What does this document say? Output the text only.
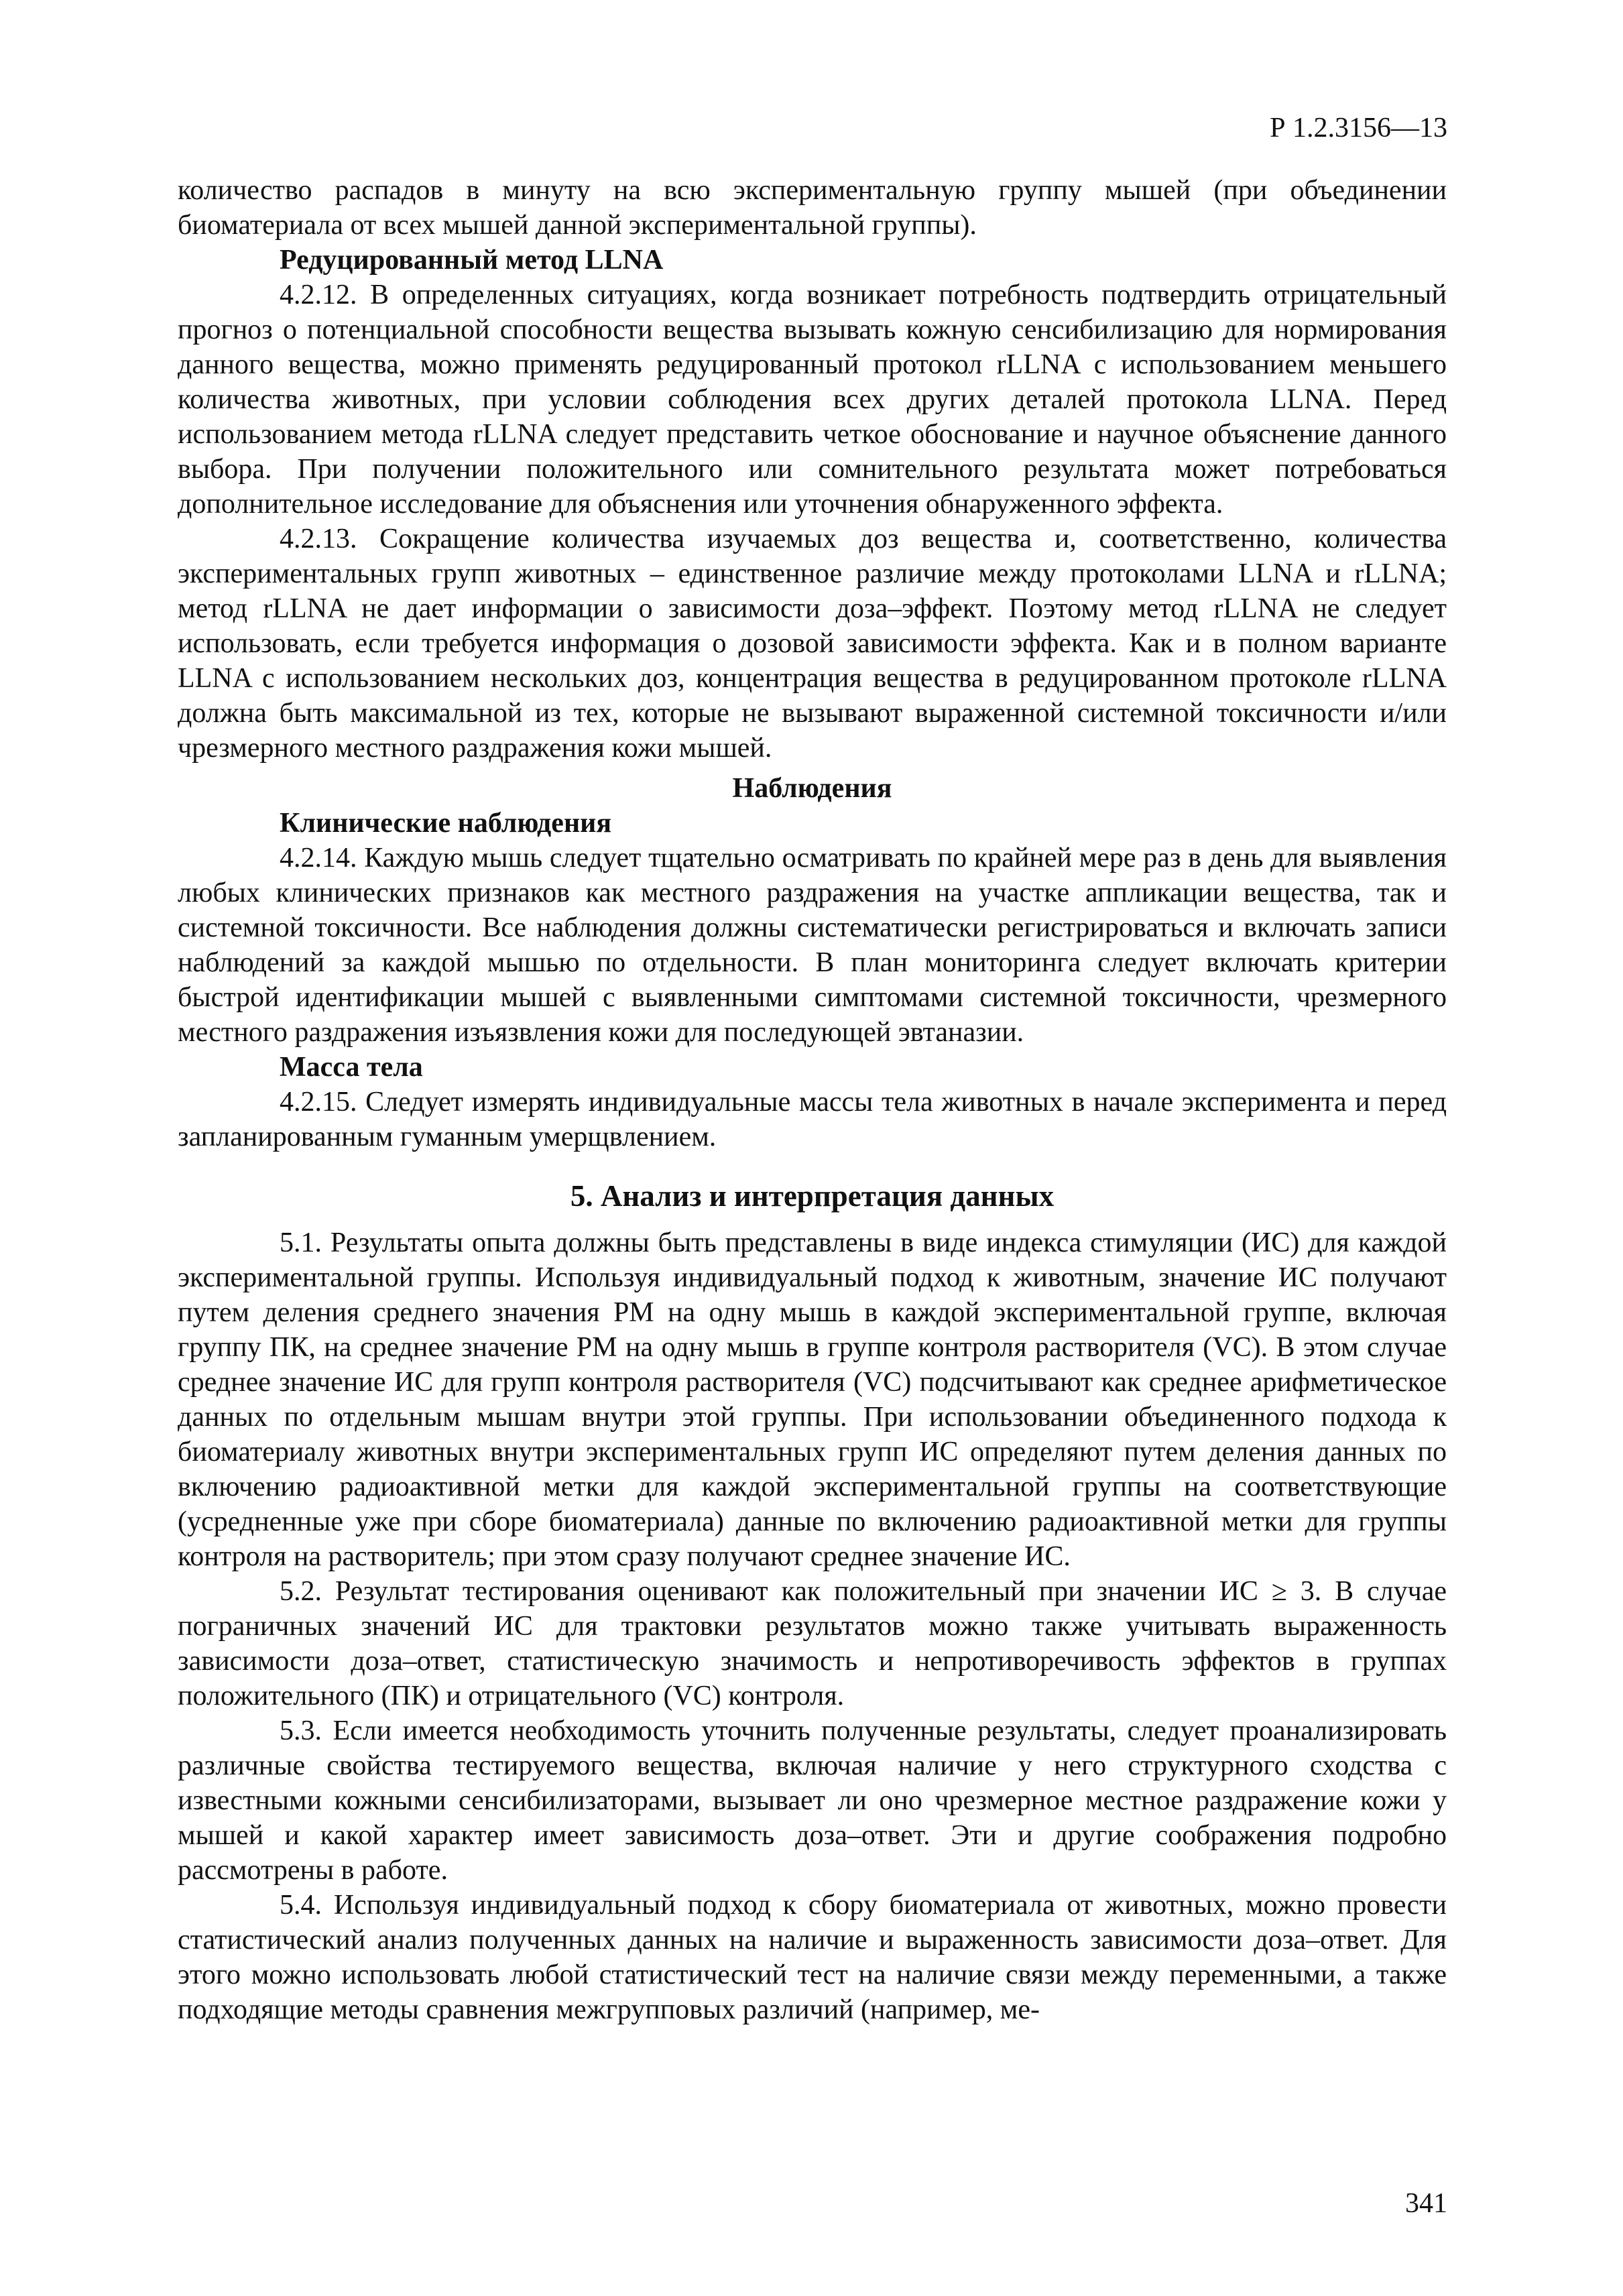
Р 1.2.3156—13

количество распадов в минуту на всю экспериментальную группу мышей (при объединении биоматериала от всех мышей данной экспериментальной группы).

Редуцированный метод LLNA

4.2.12. В определенных ситуациях, когда возникает потребность подтвердить отрицательный прогноз о потенциальной способности вещества вызывать кожную сенсибилизацию для нормирования данного вещества, можно применять редуцированный протокол rLLNA с использованием меньшего количества животных, при условии соблюдения всех других деталей протокола LLNA. Перед использованием метода rLLNA следует представить четкое обоснование и научное объяснение данного выбора. При получении положительного или сомнительного результата может потребоваться дополнительное исследование для объяснения или уточнения обнаруженного эффекта.

4.2.13. Сокращение количества изучаемых доз вещества и, соответственно, количества экспериментальных групп животных – единственное различие между протоколами LLNA и rLLNA; метод rLLNA не дает информации о зависимости доза–эффект. Поэтому метод rLLNA не следует использовать, если требуется информация о дозовой зависимости эффекта. Как и в полном варианте LLNA с использованием нескольких доз, концентрация вещества в редуцированном протоколе rLLNA должна быть максимальной из тех, которые не вызывают выраженной системной токсичности и/или чрезмерного местного раздражения кожи мышей.

Наблюдения

Клинические наблюдения

4.2.14. Каждую мышь следует тщательно осматривать по крайней мере раз в день для выявления любых клинических признаков как местного раздражения на участке аппликации вещества, так и системной токсичности. Все наблюдения должны систематически регистрироваться и включать записи наблюдений за каждой мышью по отдельности. В план мониторинга следует включать критерии быстрой идентификации мышей с выявленными симптомами системной токсичности, чрезмерного местного раздражения изъязвления кожи для последующей эвтаназии.

Масса тела

4.2.15. Следует измерять индивидуальные массы тела животных в начале эксперимента и перед запланированным гуманным умерщвлением.

5. Анализ и интерпретация данных

5.1. Результаты опыта должны быть представлены в виде индекса стимуляции (ИС) для каждой экспериментальной группы. Используя индивидуальный подход к животным, значение ИС получают путем деления среднего значения PM на одну мышь в каждой экспериментальной группе, включая группу ПК, на среднее значение PM на одну мышь в группе контроля растворителя (VC). В этом случае среднее значение ИС для групп контроля растворителя (VC) подсчитывают как среднее арифметическое данных по отдельным мышам внутри этой группы. При использовании объединенного подхода к биоматериалу животных внутри экспериментальных групп ИС определяют путем деления данных по включению радиоактивной метки для каждой экспериментальной группы на соответствующие (усредненные уже при сборе биоматериала) данные по включению радиоактивной метки для группы контроля на растворитель; при этом сразу получают среднее значение ИС.

5.2. Результат тестирования оценивают как положительный при значении ИС ≥ 3. В случае пограничных значений ИС для трактовки результатов можно также учитывать выраженность зависимости доза–ответ, статистическую значимость и непротиворечивость эффектов в группах положительного (ПК) и отрицательного (VC) контроля.

5.3. Если имеется необходимость уточнить полученные результаты, следует проанализировать различные свойства тестируемого вещества, включая наличие у него структурного сходства с известными кожными сенсибилизаторами, вызывает ли оно чрезмерное местное раздражение кожи у мышей и какой характер имеет зависимость доза–ответ. Эти и другие соображения подробно рассмотрены в работе.

5.4. Используя индивидуальный подход к сбору биоматериала от животных, можно провести статистический анализ полученных данных на наличие и выраженность зависимости доза–ответ. Для этого можно использовать любой статистический тест на наличие связи между переменными, а также подходящие методы сравнения межгрупповых различий (например, ме-

341
